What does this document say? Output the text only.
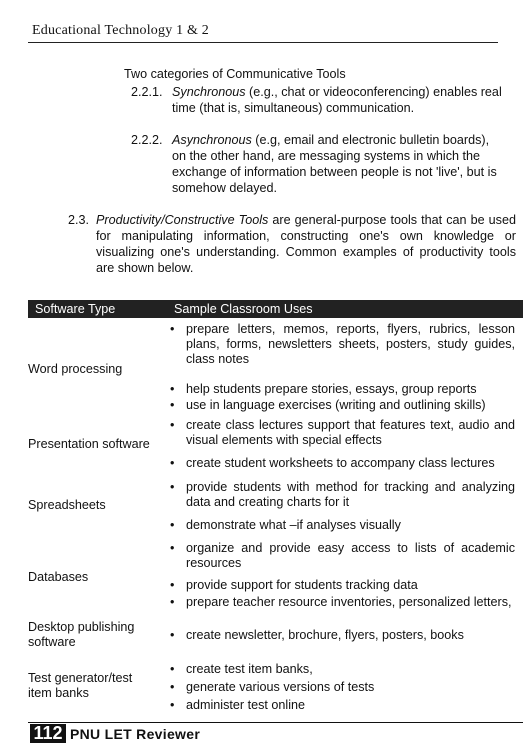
Educational Technology 1 & 2
Two categories of Communicative Tools
2.2.1. Synchronous (e.g., chat or videoconferencing) enables real time (that is, simultaneous) communication.
2.2.2. Asynchronous (e.g, email and electronic bulletin boards), on the other hand, are messaging systems in which the exchange of information between people is not 'live', but is somehow delayed.
2.3. Productivity/Constructive Tools are general-purpose tools that can be used for manipulating information, constructing one's own knowledge or visualizing one's understanding. Common examples of productivity tools are shown below.
Software Type	Sample Classroom Uses
Word processing
• prepare letters, memos, reports, flyers, rubrics, lesson plans, forms, newsletters sheets, posters, study guides, class notes
• help students prepare stories, essays, group reports
• use in language exercises (writing and outlining skills)
Presentation software
• create class lectures support that features text, audio and visual elements with special effects
• create student worksheets to accompany class lectures
Spreadsheets
• provide students with method for tracking and analyzing data and creating charts for it
• demonstrate what –if analyses visually
Databases
• organize and provide easy access to lists of academic resources
• provide support for students tracking data
• prepare teacher resource inventories, personalized letters,
Desktop publishing software	• create newsletter, brochure, flyers, posters, books
Test generator/test item banks
• create test item banks,
• generate various versions of tests
• administer test online
112 PNU LET Reviewer
